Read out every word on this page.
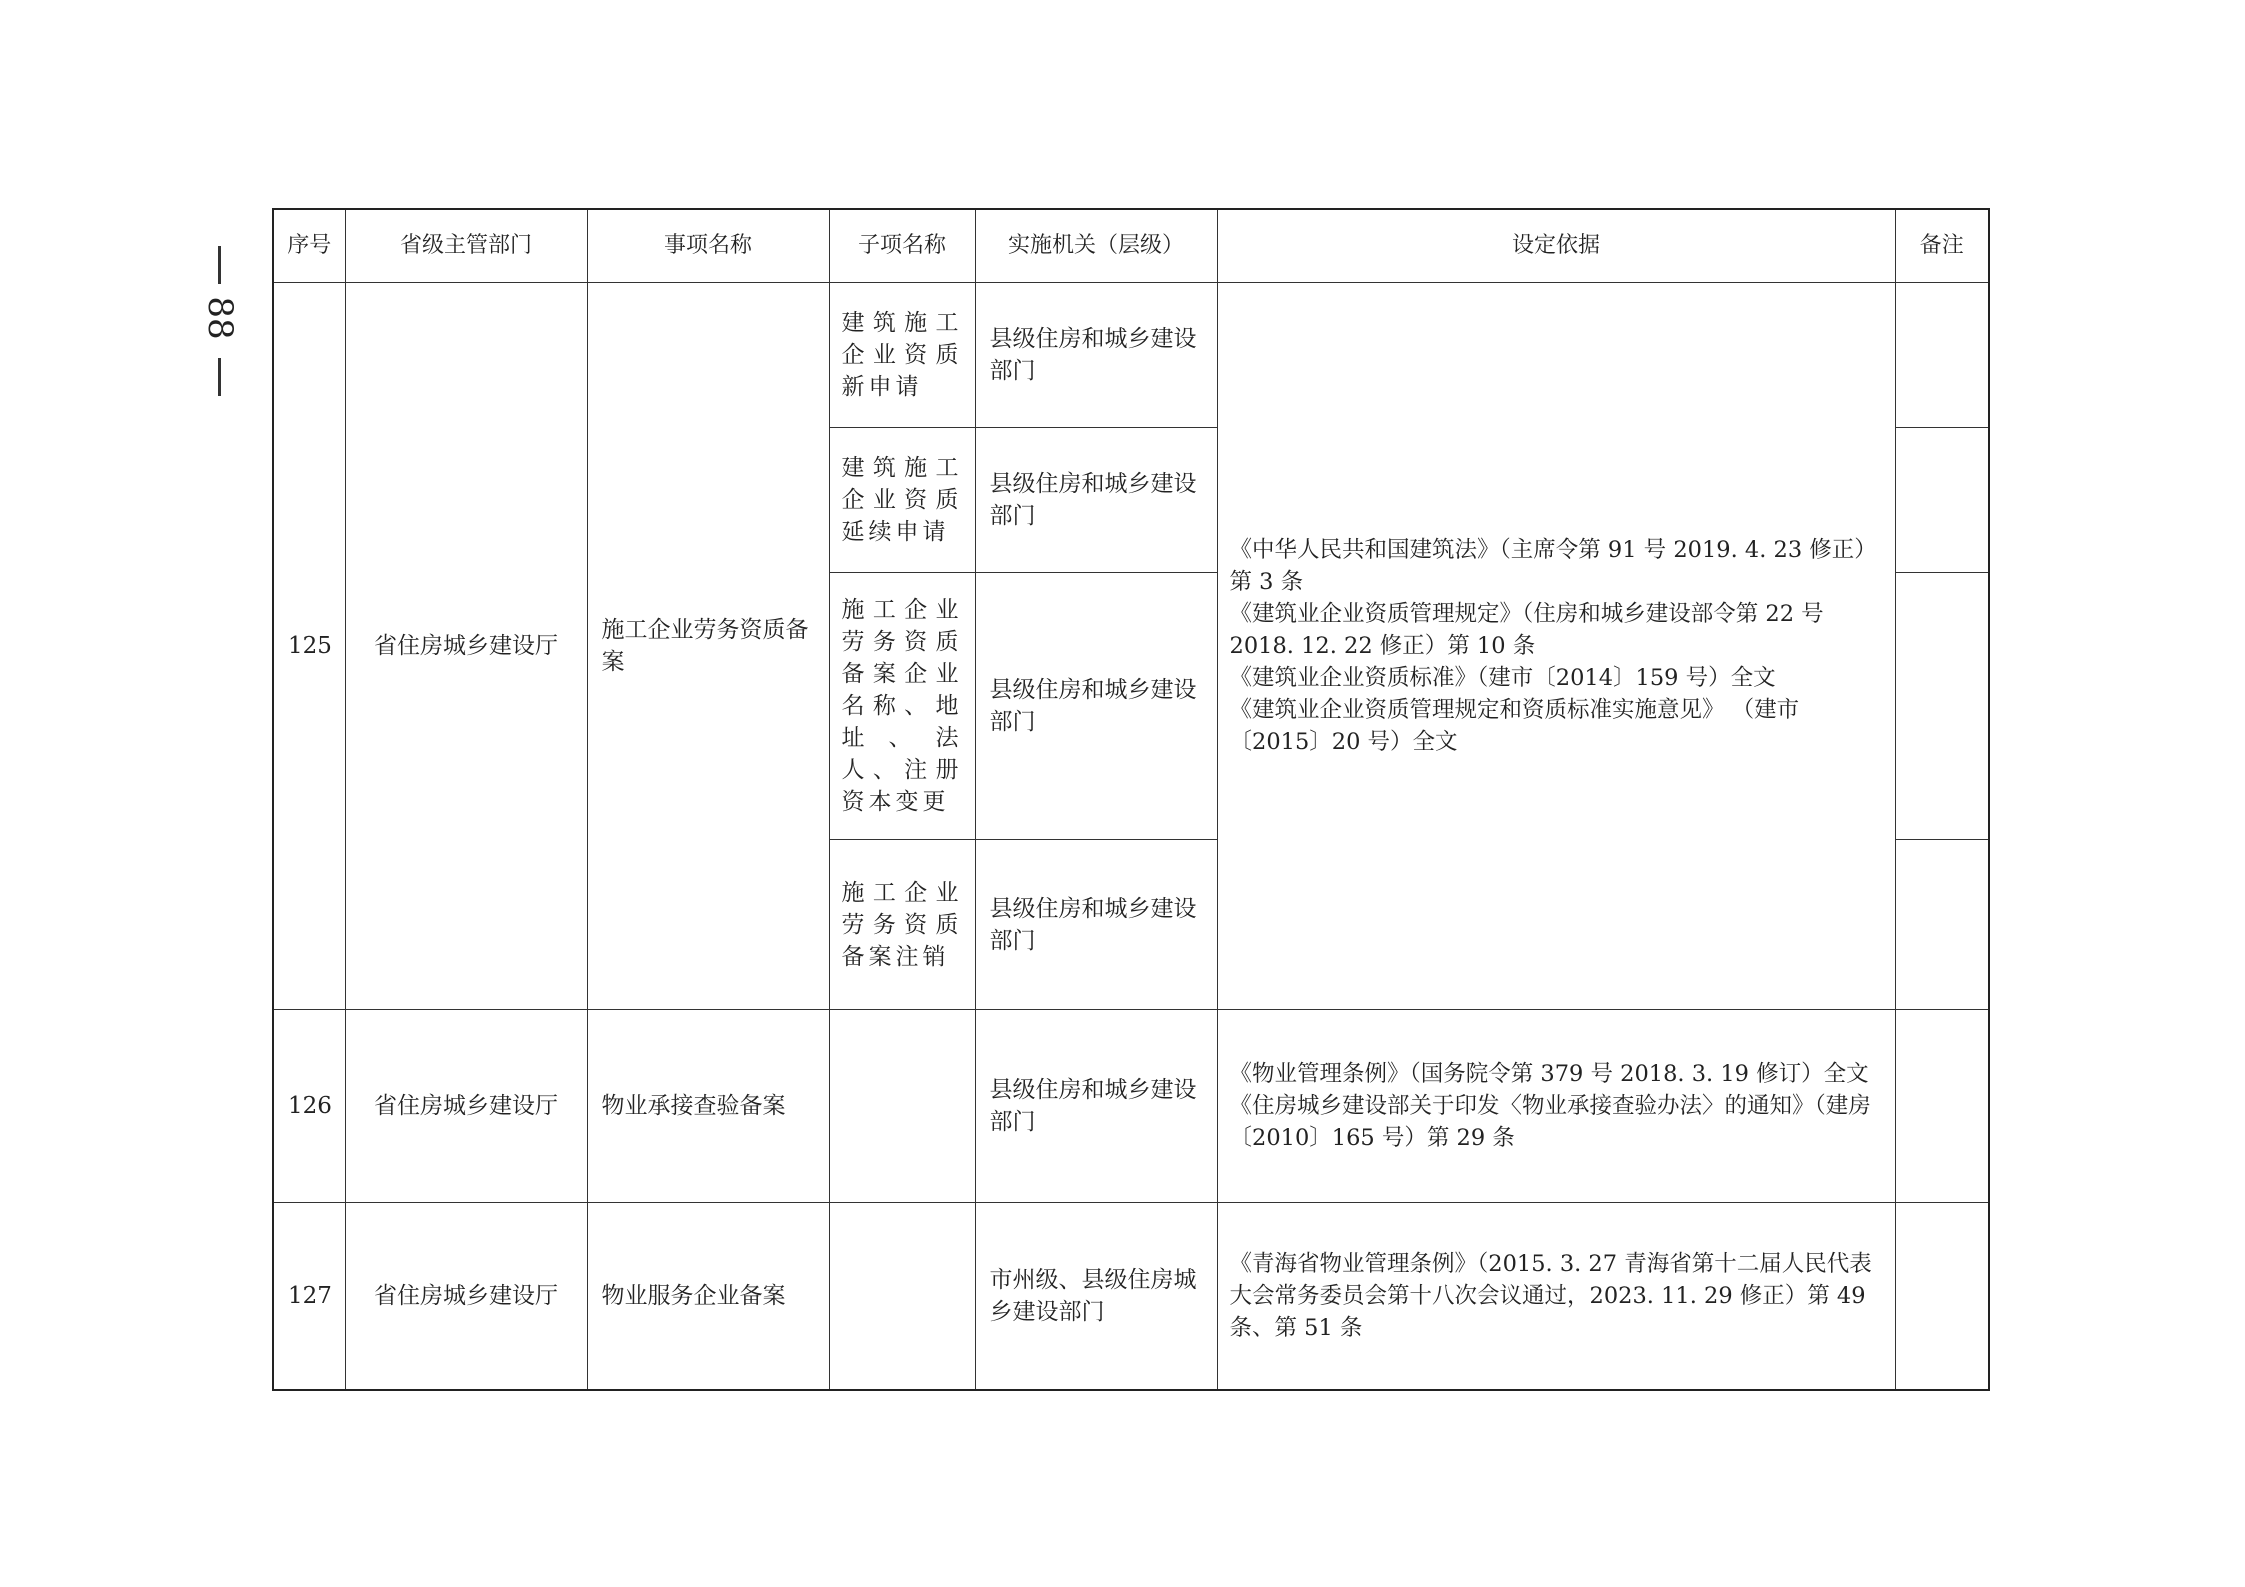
88
序号	省级主管部门	事项名称	子项名称	实施机关（层级）	设定依据	备注
125	省住房城乡建设厅	施工企业劳务资质备案	建筑施工企业资质新申请	县级住房和城乡建设部门	《中华人民共和国建筑法》（主席令第 91 号 2019. 4. 23 修正）第 3 条
《建筑业企业资质管理规定》（住房和城乡建设部令第 22 号 2018. 12. 22 修正）第 10 条
《建筑业企业资质标准》（建市〔2014〕159 号）全文
《建筑业企业资质管理规定和资质标准实施意见》 （建市〔2015〕20 号）全文	

			建筑施工企业资质延续申请	县级住房和城乡建设部门		
			施工企业劳务资质备案企业名称、地址、法人、注册资本变更	县级住房和城乡建设部门		
			施工企业劳务资质备案注销	县级住房和城乡建设部门		
126	省住房城乡建设厅	物业承接查验备案		县级住房和城乡建设部门	《物业管理条例》（国务院令第 379 号 2018. 3. 19 修订）全文
《住房城乡建设部关于印发〈物业承接查验办法〉的通知》（建房〔2010〕165 号）第 29 条	

127	省住房城乡建设厅	物业服务企业备案		市州级、县级住房城乡建设部门	《青海省物业管理条例》（2015. 3. 27 青海省第十二届人民代表大会常务委员会第十八次会议通过，2023. 11. 29 修正）第 49 条、第 51 条	
